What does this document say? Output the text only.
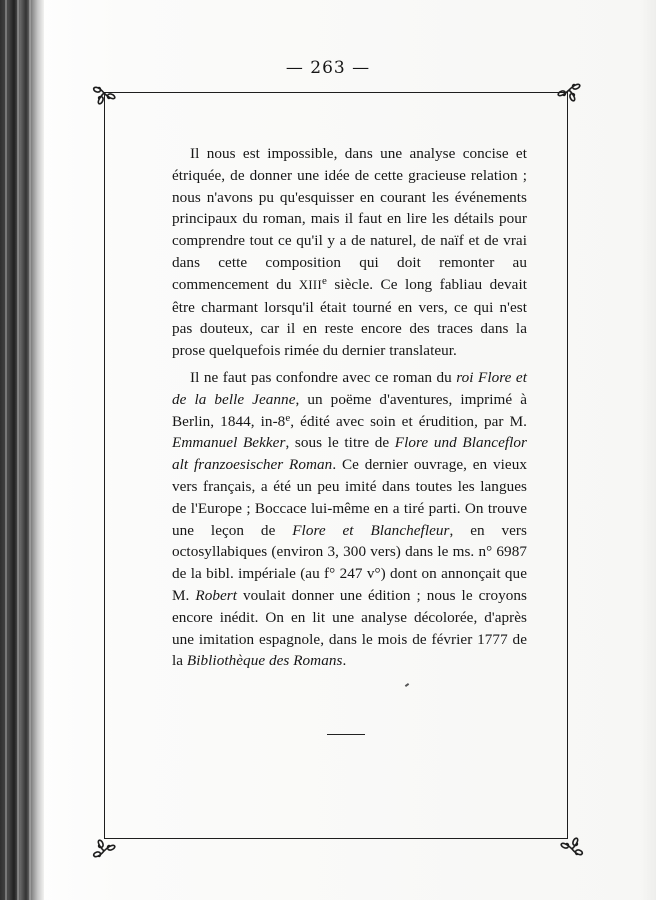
— 263 —

Il nous est impossible, dans une analyse concise et étriquée, de donner une idée de cette gracieuse relation ; nous n'avons pu qu'esquisser en courant les événements principaux du roman, mais il faut en lire les détails pour comprendre tout ce qu'il y a de naturel, de naïf et de vrai dans cette composition qui doit remonter au commencement du XIIIe siècle. Ce long fabliau devait être charmant lorsqu'il était tourné en vers, ce qui n'est pas douteux, car il en reste encore des traces dans la prose quelquefois rimée du dernier translateur.

Il ne faut pas confondre avec ce roman du roi Flore et de la belle Jeanne, un poëme d'aventures, imprimé à Berlin, 1844, in-8e, édité avec soin et érudition, par M. Emmanuel Bekker, sous le titre de Flore und Blanceflor alt franzoesischer Roman. Ce dernier ouvrage, en vieux vers français, a été un peu imité dans toutes les langues de l'Europe ; Boccace lui-même en a tiré parti. On trouve une leçon de Flore et Blanchefleur, en vers octosyllabiques (environ 3, 300 vers) dans le ms. n° 6987 de la bibl. impériale (au f° 247 v°) dont on annonçait que M. Robert voulait donner une édition ; nous le croyons encore inédit. On en lit une analyse décolorée, d'après une imitation espagnole, dans le mois de février 1777 de la Bibliothèque des Romans.
